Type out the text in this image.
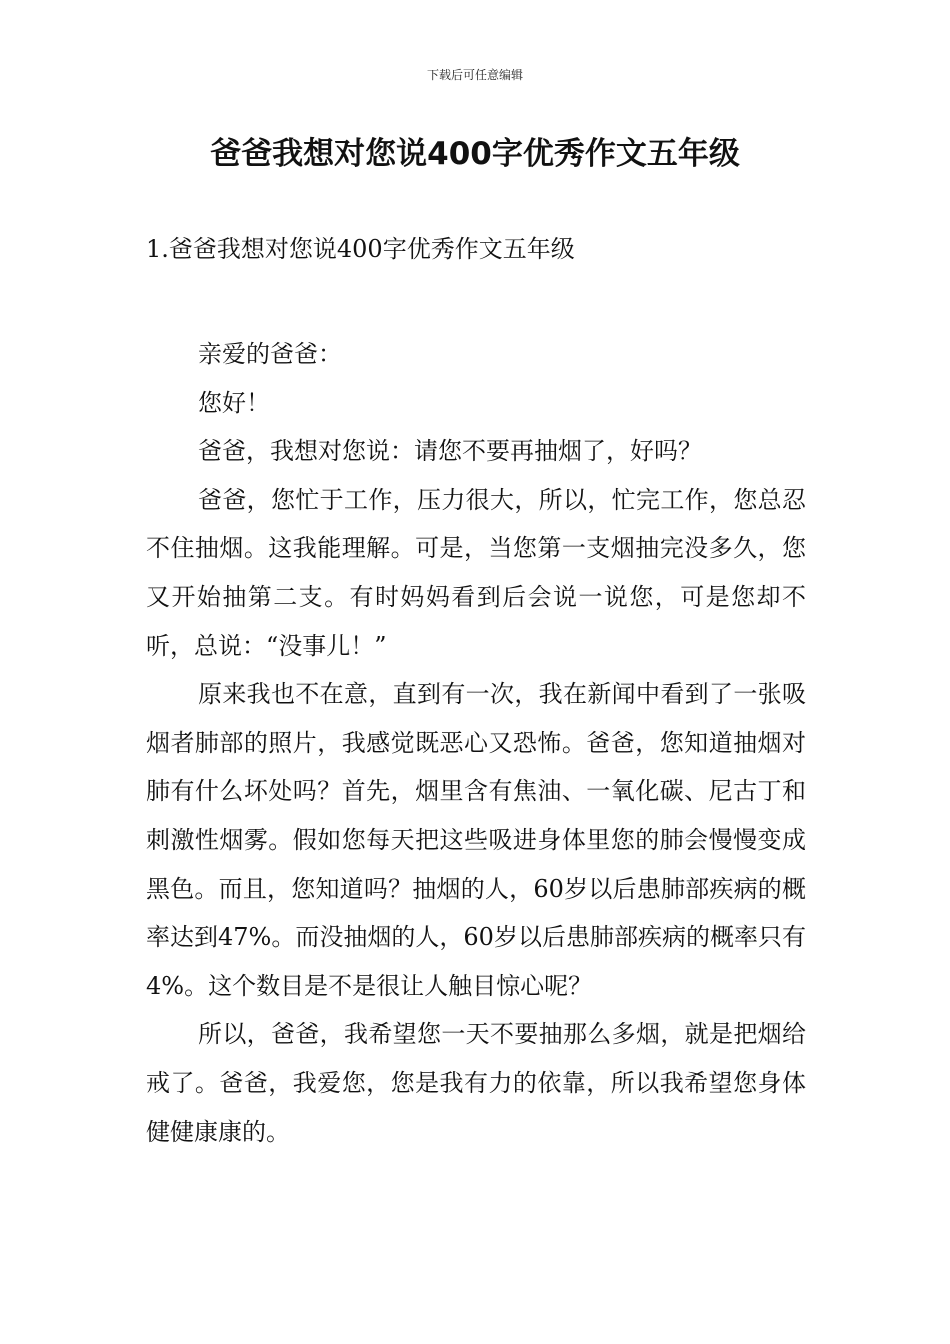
下载后可任意编辑
爸爸我想对您说400字优秀作文五年级
1.爸爸我想对您说400字优秀作文五年级

亲爱的爸爸：

您好！

爸爸，我想对您说：请您不要再抽烟了，好吗？

爸爸，您忙于工作，压力很大，所以，忙完工作，您总忍不住抽烟。这我能理解。可是，当您第一支烟抽完没多久，您又开始抽第二支。有时妈妈看到后会说一说您，可是您却不听，总说：“没事儿！”

原来我也不在意，直到有一次，我在新闻中看到了一张吸烟者肺部的照片，我感觉既恶心又恐怖。爸爸，您知道抽烟对肺有什么坏处吗？首先，烟里含有焦油、一氧化碳、尼古丁和刺激性烟雾。假如您每天把这些吸进身体里您的肺会慢慢变成黑色。而且，您知道吗？抽烟的人，60岁以后患肺部疾病的概率达到47%。而没抽烟的人，60岁以后患肺部疾病的概率只有4%。这个数目是不是很让人触目惊心呢？

所以，爸爸，我希望您一天不要抽那么多烟，就是把烟给戒了。爸爸，我爱您，您是我有力的依靠，所以我希望您身体健健康康的。
